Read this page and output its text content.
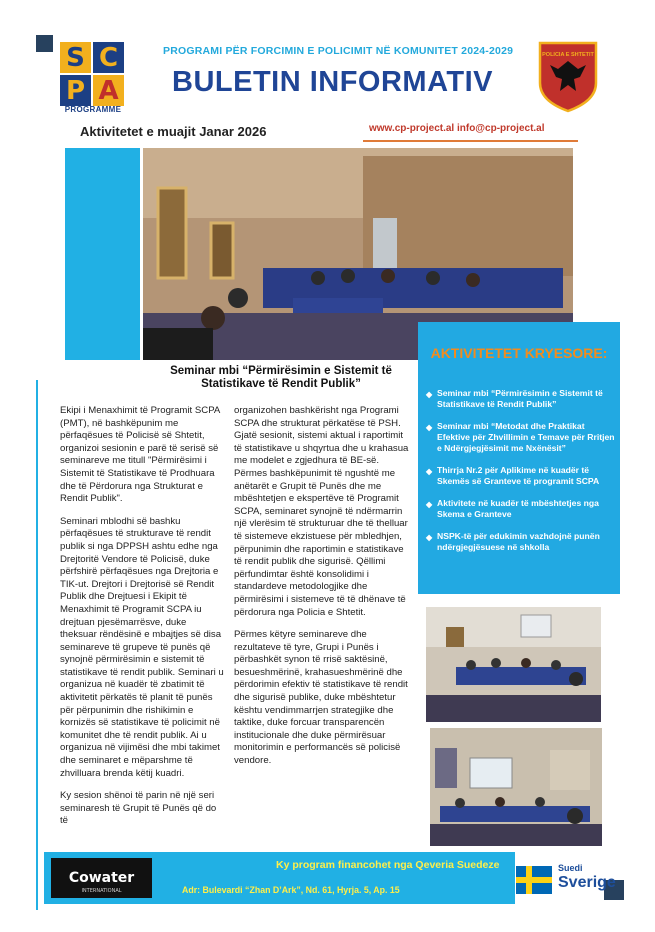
S C
P A
PROGRAMME
PROGRAMI PËR FORCIMIN E POLICIMIT NË KOMUNITET 2024-2029
BULETIN INFORMATIV
POLICIA E SHTETIT
Aktivitetet e muajit Janar 2026	www.cp-project.al info@cp-project.al
AKTIVITETET KRYESORE:
◆ Seminar mbi “Përmirësimin e Sistemit të Statistikave të Rendit Publik”
◆ Seminar mbi “Metodat dhe Praktikat Efektive për Zhvillimin e Temave për Rritjen e Ndërgjegjësimit me Nxënësit”
◆ Thirrja Nr.2 për Aplikime në kuadër të Skemës së Granteve të programit SCPA
◆ Aktivitete në kuadër të mbështetjes nga Skema e Granteve
◆ NSPK-të për edukimin vazhdojnë punën ndërgjegjësuese në shkolla
Seminar mbi “Përmirësimin e Sistemit të Statistikave të Rendit Publik”

Ekipi i Menaxhimit të Programit SCPA (PMT), në bashkëpunim me përfaqësues të Policisë së Shtetit, organizoi sesionin e parë të serisë së seminareve me titull "Përmirësimi i Sistemit të Statistikave të Prodhuara dhe të Përdorura nga Strukturat e Rendit Publik".

Seminari mblodhi së bashku përfaqësues të strukturave të rendit publik si nga DPPSH ashtu edhe nga Drejtoritë Vendore të Policisë, duke përfshirë përfaqësues nga Drejtoria e TIK-ut. Drejtori i Drejtorisë së Rendit Publik dhe Drejtuesi i Ekipit të Menaxhimit të Programit SCPA iu drejtuan pjesëmarrësve, duke theksuar rëndësinë e mbajtjes së disa seminareve të grupeve të punës që synojnë përmirësimin e sistemit të statistikave të rendit publik. Seminari u organizua në kuadër të zbatimit të aktivitetit përkatës të planit të punës për përpunimin dhe rishikimin e kornizës së statistikave të policimit në komunitet dhe të rendit publik. Ai u organizua në vijimësi dhe mbi takimet dhe seminaret e mëparshme të zhvilluara brenda këtij kuadri.

Ky sesion shënoi të parin në një seri seminaresh të Grupit të Punës që do të

organizohen bashkërisht nga Programi SCPA dhe strukturat përkatëse të PSH. Gjatë sesionit, sistemi aktual i raportimit të statistikave u shqyrtua dhe u krahasua me modelet e zgjedhura të BE-së. Përmes bashkëpunimit të ngushtë me anëtarët e Grupit të Punës dhe me mbështetjen e ekspertëve të Programit SCPA, seminaret synojnë të ndërmarrin një vlerësim të strukturuar dhe të thelluar të sistemeve ekzistuese për mbledhjen, përpunimin dhe raportimin e statistikave të rendit publik dhe sigurisë. Qëllimi përfundimtar është konsolidimi i standardeve metodologjike dhe përmirësimi i sistemeve të të dhënave të përdorura nga Policia e Shtetit.

Përmes këtyre seminareve dhe rezultateve të tyre, Grupi i Punës i përbashkët synon të rrisë saktësinë, besueshmërinë, krahasueshmërinë dhe përdorimin efektiv të statistikave të rendit dhe sigurisë publike, duke mbështetur kështu vendimmarrjen strategjike dhe taktike, duke forcuar transparencën institucionale dhe duke përmirësuar monitorimin e performancës së policisë vendore.

Cowater
INTERNATIONAL
Ky program financohet nga Qeveria Suedeze
Adr: Bulevardi “Zhan D’Ark”, Nd. 61, Hyrja. 5, Ap. 15
Suedi
Sverige
